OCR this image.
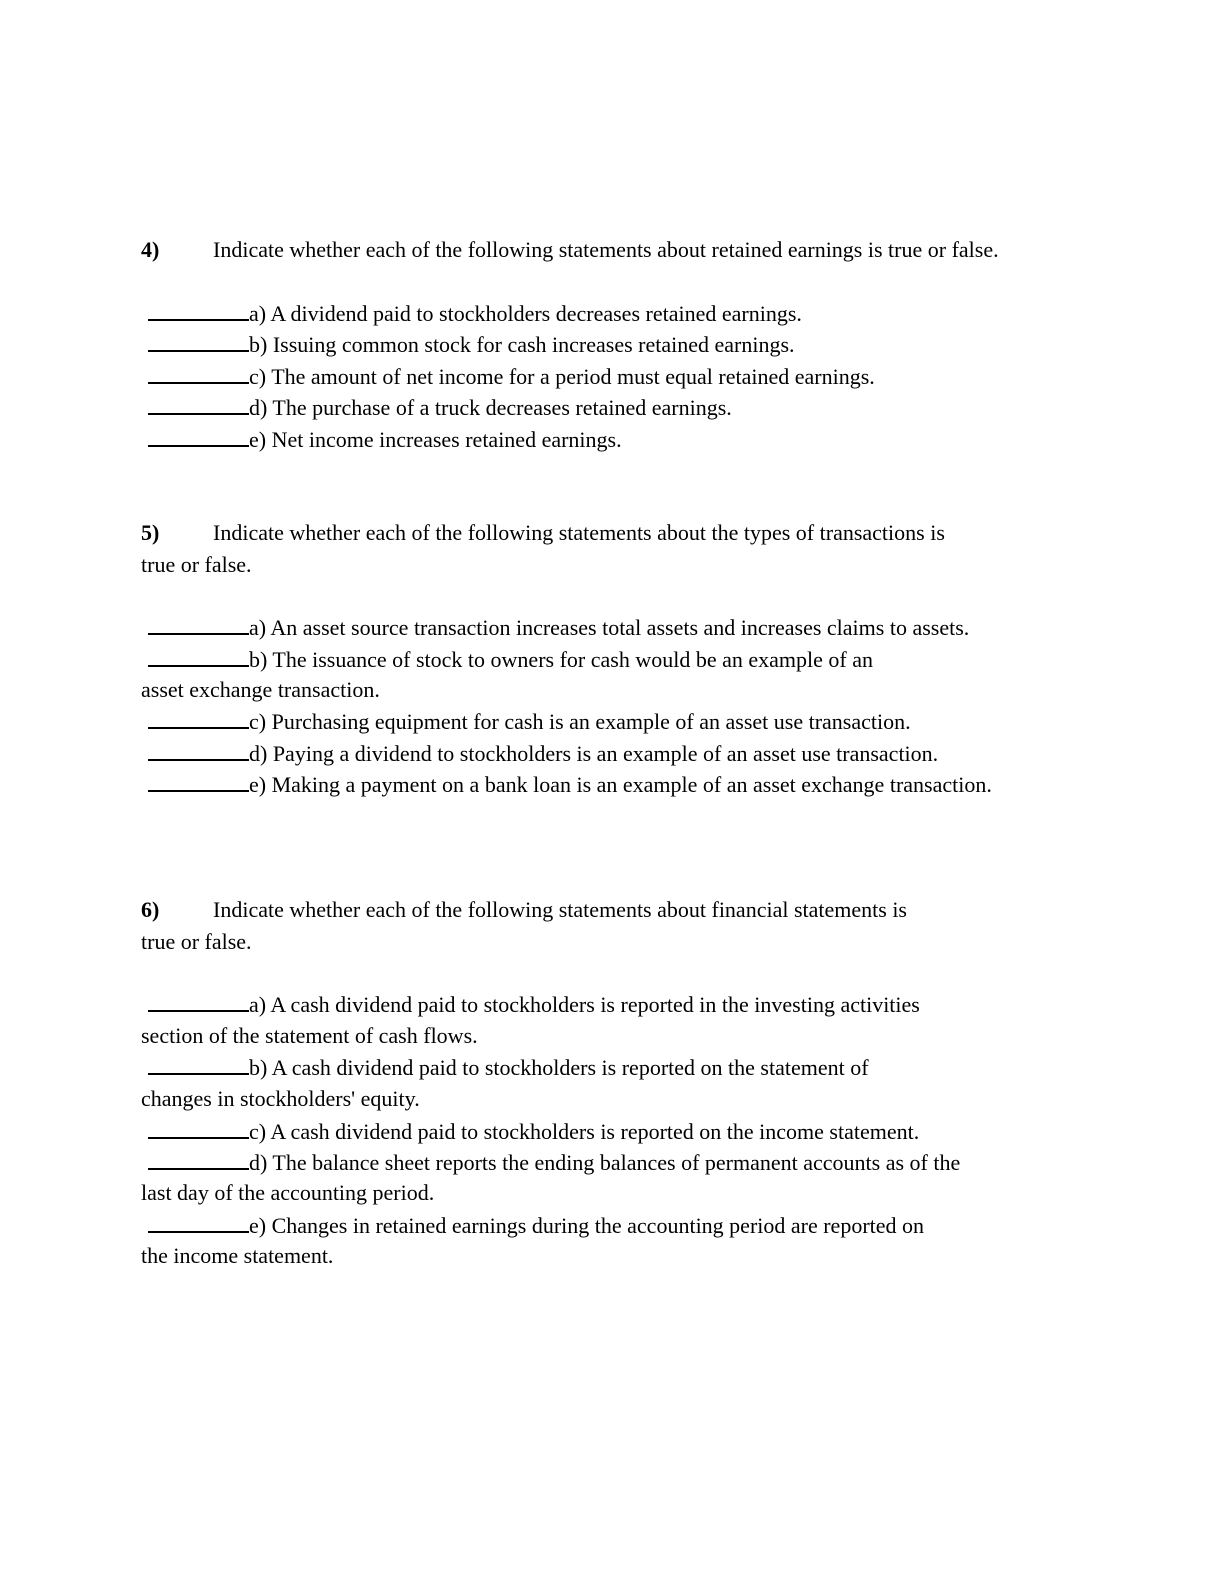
4) Indicate whether each of the following statements about retained earnings is true or false.
a) A dividend paid to stockholders decreases retained earnings.
b) Issuing common stock for cash increases retained earnings.
c) The amount of net income for a period must equal retained earnings.
d) The purchase of a truck decreases retained earnings.
e) Net income increases retained earnings.
5) Indicate whether each of the following statements about the types of transactions is
true or false.
a) An asset source transaction increases total assets and increases claims to assets.
b) The issuance of stock to owners for cash would be an example of an
asset exchange transaction.
c) Purchasing equipment for cash is an example of an asset use transaction.
d) Paying a dividend to stockholders is an example of an asset use transaction.
e) Making a payment on a bank loan is an example of an asset exchange transaction.
6) Indicate whether each of the following statements about financial statements is
true or false.
a) A cash dividend paid to stockholders is reported in the investing activities
section of the statement of cash flows.
b) A cash dividend paid to stockholders is reported on the statement of
changes in stockholders' equity.
c) A cash dividend paid to stockholders is reported on the income statement.
d) The balance sheet reports the ending balances of permanent accounts as of the
last day of the accounting period.
e) Changes in retained earnings during the accounting period are reported on
the income statement.
